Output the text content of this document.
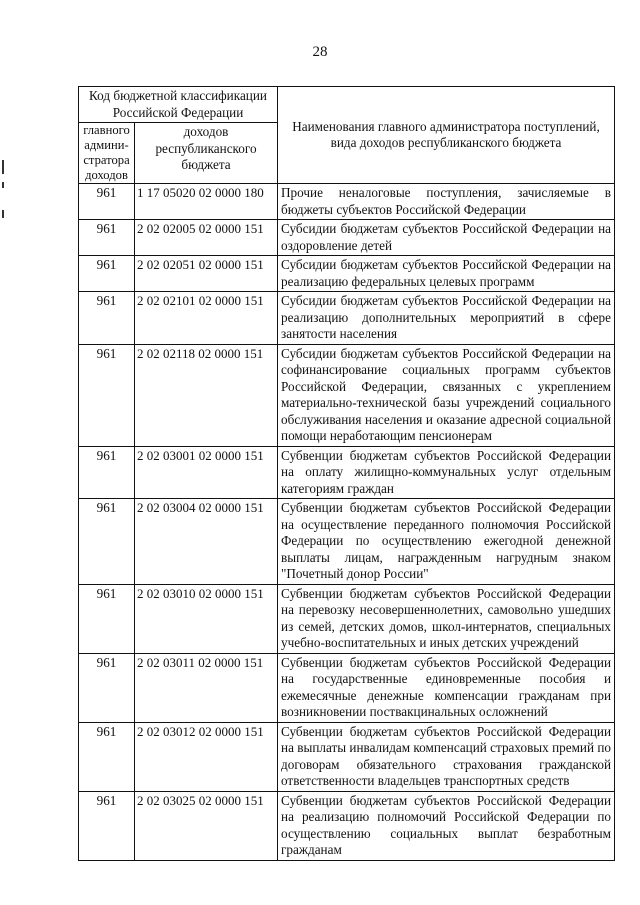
28
Код бюджетной классификации Российской Федерации		Наименования главного администратора поступлений, вида доходов республиканского бюджета
главного админи-стратора доходов	доходов республиканского бюджета	
961	1 17 05020 02 0000 180	Прочие неналоговые поступления, зачисляемые в бюджеты субъектов Российской Федерации
961	2 02 02005 02 0000 151	Субсидии бюджетам субъектов Российской Федерации на оздоровление детей
961	2 02 02051 02 0000 151	Субсидии бюджетам субъектов Российской Федерации на реализацию федеральных целевых программ
961	2 02 02101 02 0000 151	Субсидии бюджетам субъектов Российской Федерации на реализацию дополнительных мероприятий в сфере занятости населения
961	2 02 02118 02 0000 151	Субсидии бюджетам субъектов Российской Федерации на софинансирование социальных программ субъектов Российской Федерации, связанных с укреплением материально-технической базы учреждений социального обслуживания населения и оказание адресной социальной помощи неработающим пенсионерам
961	2 02 03001 02 0000 151	Субвенции бюджетам субъектов Российской Федерации на оплату жилищно-коммунальных услуг отдельным категориям граждан
961	2 02 03004 02 0000 151	Субвенции бюджетам субъектов Российской Федерации на осуществление переданного полномочия Российской Федерации по осуществлению ежегодной денежной выплаты лицам, награжденным нагрудным знаком "Почетный донор России"
961	2 02 03010 02 0000 151	Субвенции бюджетам субъектов Российской Федерации на перевозку несовершеннолетних, самовольно ушедших из семей, детских домов, школ-интернатов, специальных учебно-воспитательных и иных детских учреждений
961	2 02 03011 02 0000 151	Субвенции бюджетам субъектов Российской Федерации на государственные единовременные пособия и ежемесячные денежные компенсации гражданам при возникновении поствакцинальных осложнений
961	2 02 03012 02 0000 151	Субвенции бюджетам субъектов Российской Федерации на выплаты инвалидам компенсаций страховых премий по договорам обязательного страхования гражданской ответственности владельцев транспортных средств
961	2 02 03025 02 0000 151	Субвенции бюджетам субъектов Российской Федерации на реализацию полномочий Российской Федерации по осуществлению социальных выплат безработным гражданам
